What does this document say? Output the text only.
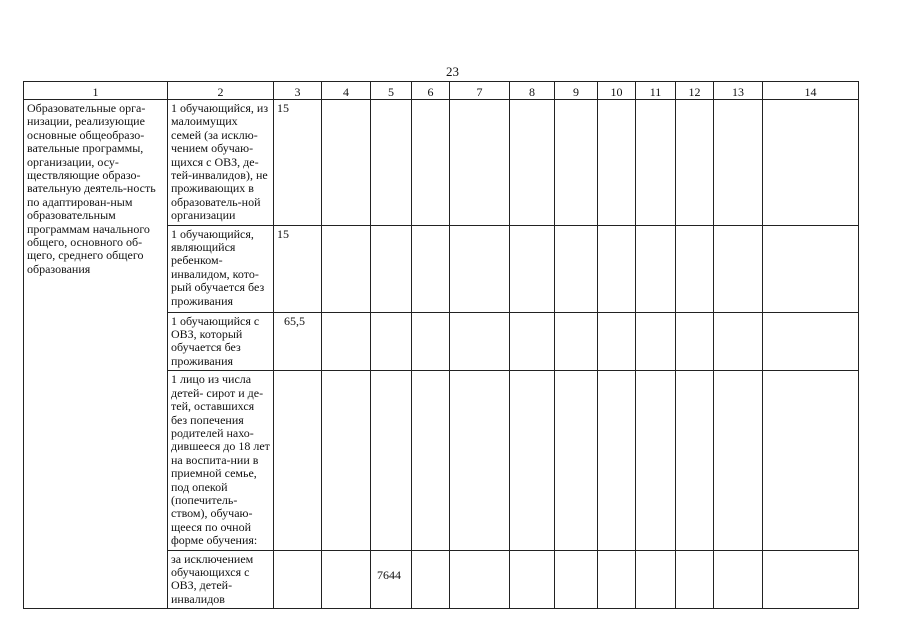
23
1	2	3	4	5	6	7	8	9	10	11	12	13	14
Образовательные орга-низации, реализующие основные общеобразо-вательные программы, организации, осу-ществляющие образо-вательную деятель-ность по адаптирован-ным образовательным программам начального общего, основного об-щего, среднего общего образования	1 обучающийся, из малоимущих семей (за исклю-чением обучаю-щихся с ОВЗ, де-тей-инвалидов), не проживающих в образователь-ной организации	15											
	1 обучающийся, являющийся ребенком-инвалидом, кото-рый обучается без проживания	15											
	1 обучающийся с ОВЗ, который обучается без проживания	65,5											
	1 лицо из числа детей- сирот и де-тей, оставшихся без попечения родителей нахо-дившееся до 18 лет на воспита-нии в приемной семье, под опекой (попечитель-ством), обучаю-щееся по очной форме обучения:												
	за исключением обучающихся с ОВЗ, детей-инвалидов			7644									
